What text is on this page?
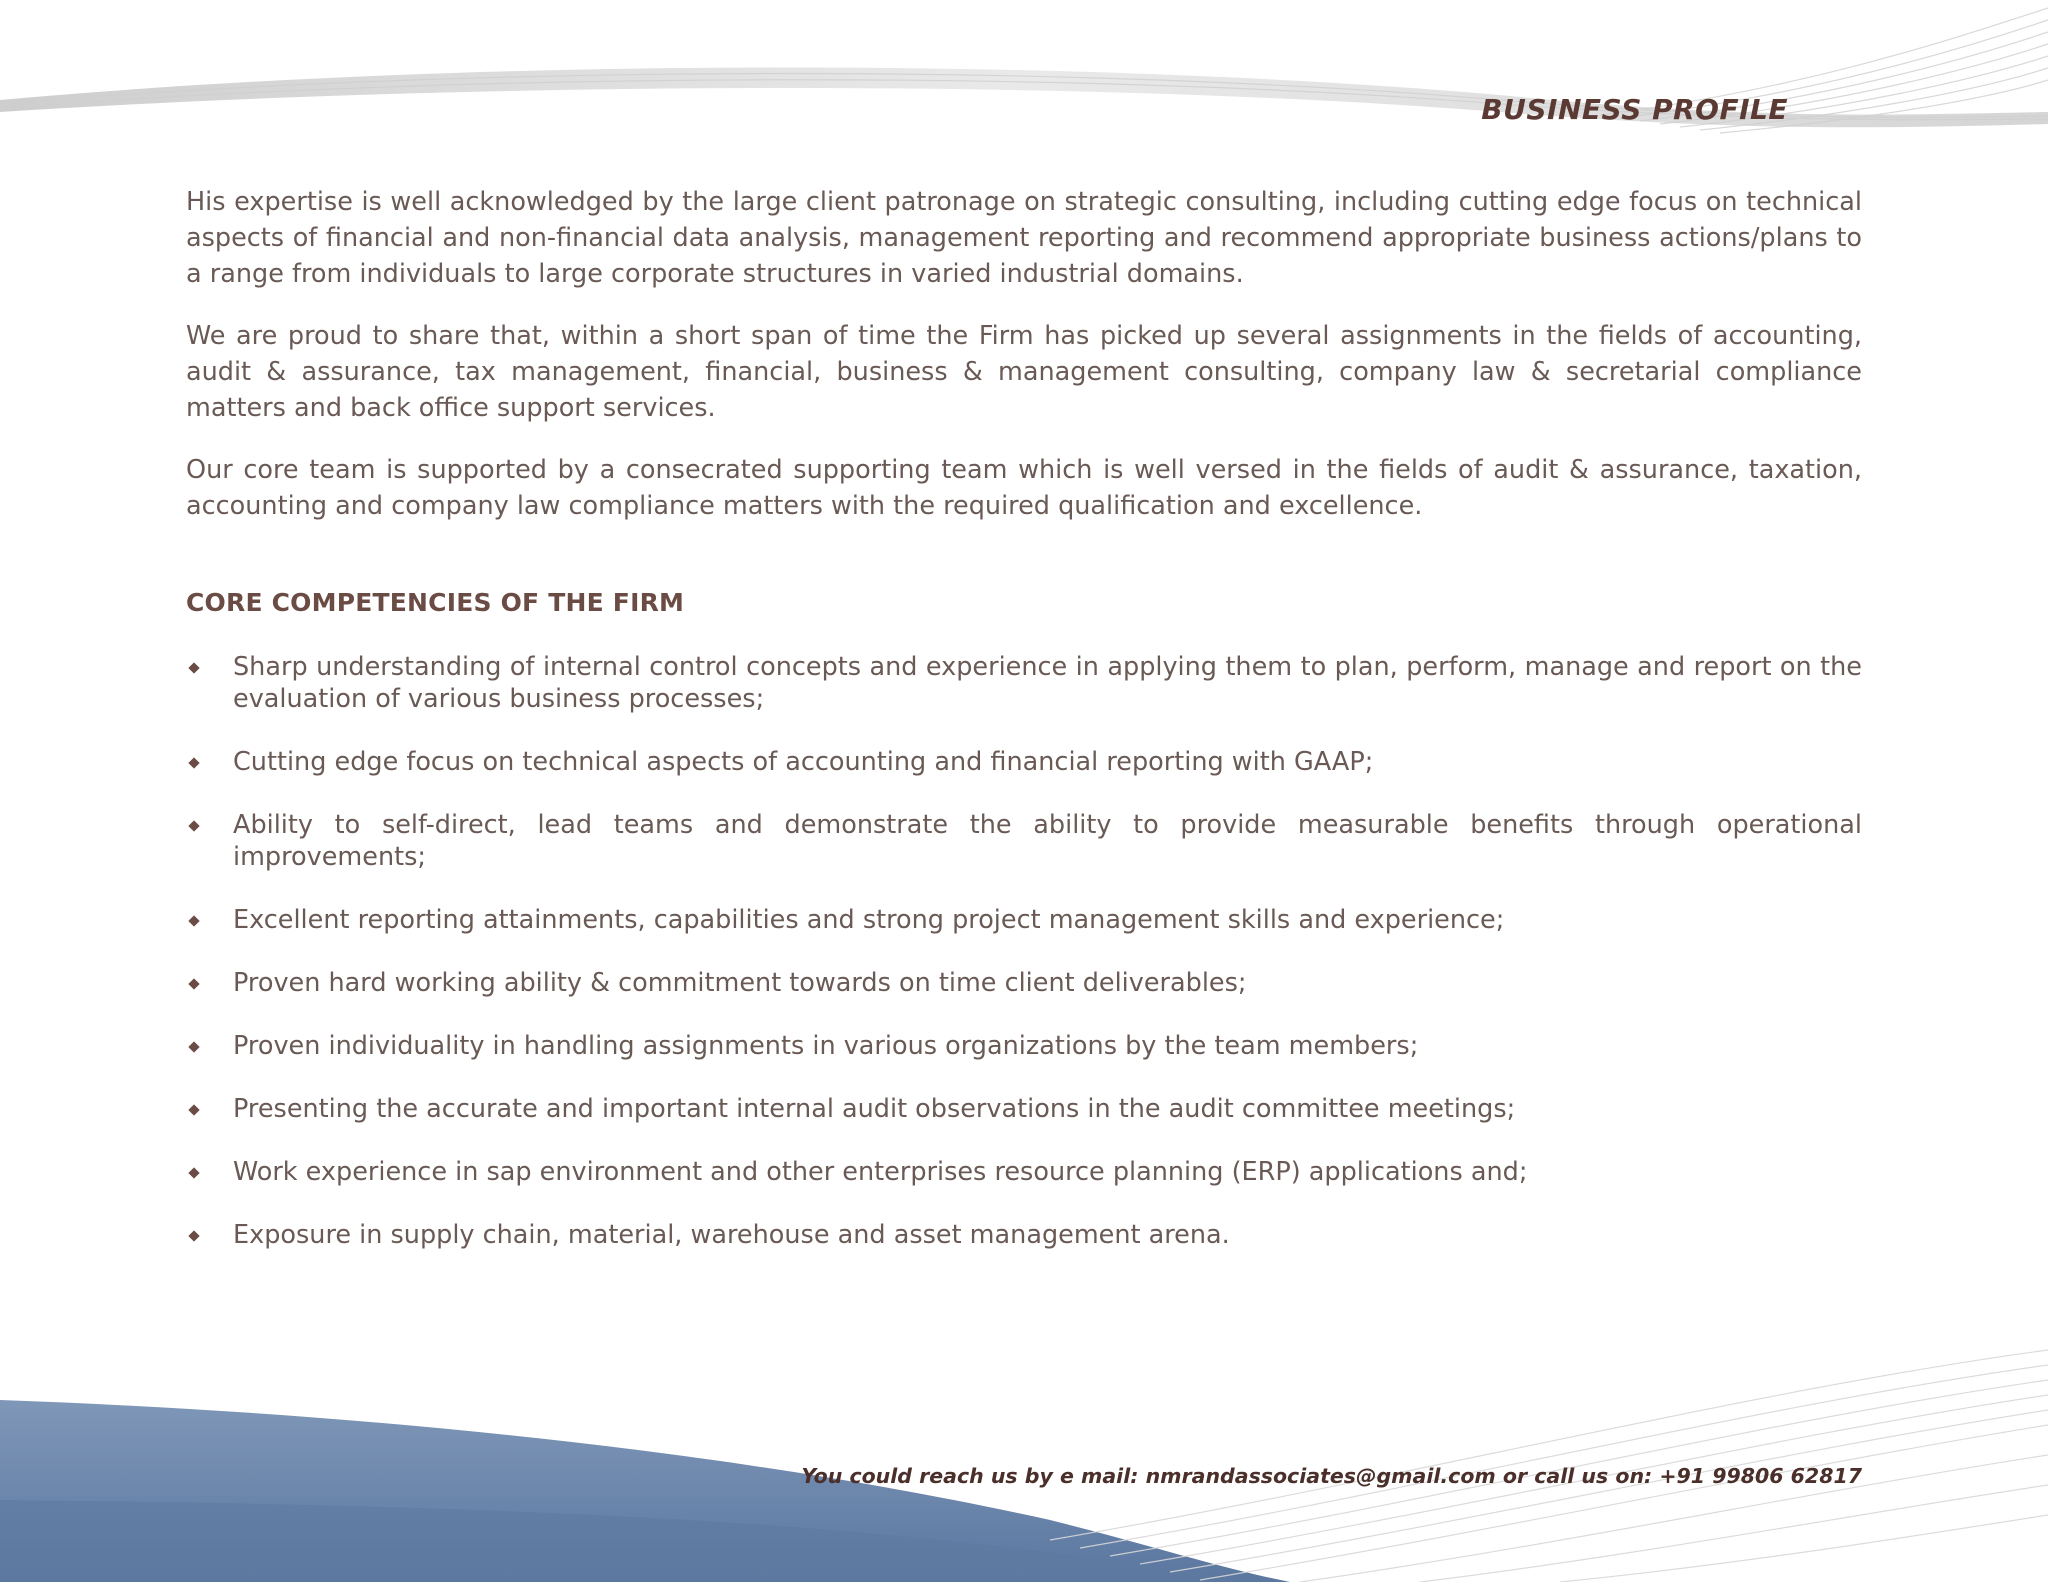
BUSINESS PROFILE

His expertise is well acknowledged by the large client patronage on strategic consulting, including cutting edge focus on technical aspects of financial and non-financial data analysis, management reporting and recommend appropriate business actions/plans to a range from individuals to large corporate structures in varied industrial domains.

We are proud to share that, within a short span of time the Firm has picked up several assignments in the fields of accounting, audit & assurance, tax management, financial, business & management consulting, company law & secretarial compliance matters and back office support services.

Our core team is supported by a consecrated supporting team which is well versed in the fields of audit & assurance, taxation, accounting and company law compliance matters with the required qualification and excellence.

CORE COMPETENCIES OF THE FIRM
Sharp understanding of internal control concepts and experience in applying them to plan, perform, manage and report on the evaluation of various business processes;
Cutting edge focus on technical aspects of accounting and financial reporting with GAAP;
Ability to self-direct, lead teams and demonstrate the ability to provide measurable benefits through operational improvements;
Excellent reporting attainments, capabilities and strong project management skills and experience;
Proven hard working ability & commitment towards on time client deliverables;
Proven individuality in handling assignments in various organizations by the team members;
Presenting the accurate and important internal audit observations in the audit committee meetings;
Work experience in sap environment and other enterprises resource planning (ERP) applications and;
Exposure in supply chain, material, warehouse and asset management arena.

You could reach us by e mail: nmrandassociates@gmail.com or call us on: +91 99806 62817
